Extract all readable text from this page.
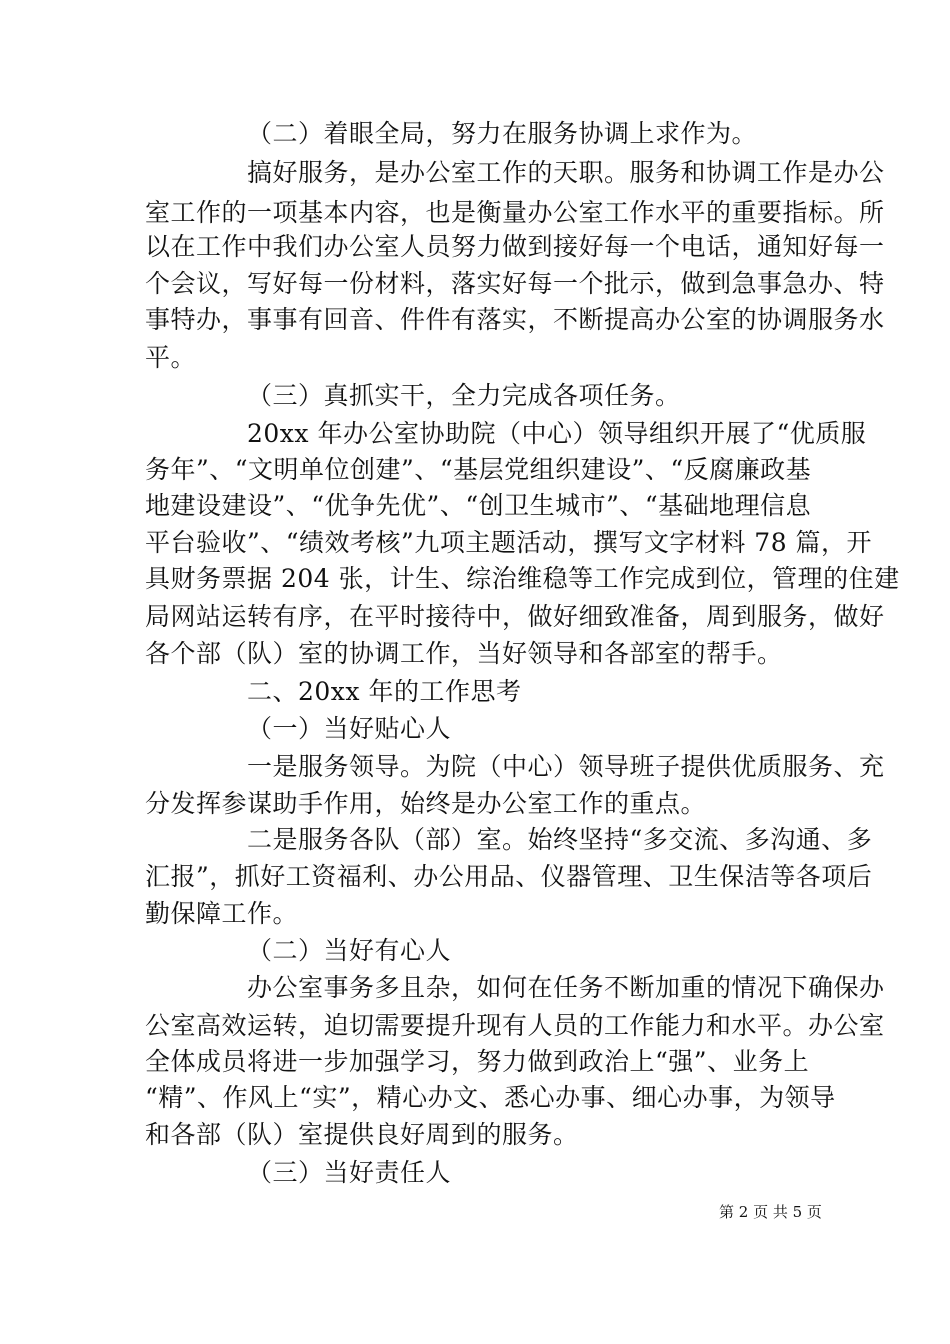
（二）着眼全局，努力在服务协调上求作为。
搞好服务，是办公室工作的天职。服务和协调工作是办公
室工作的一项基本内容，也是衡量办公室工作水平的重要指标。所
以在工作中我们办公室人员努力做到接好每一个电话，通知好每一
个会议，写好每一份材料，落实好每一个批示，做到急事急办、特
事特办，事事有回音、件件有落实，不断提高办公室的协调服务水
平。
（三）真抓实干，全力完成各项任务。
20xx 年办公室协助院（中心）领导组织开展了“优质服
务年”、“文明单位创建”、“基层党组织建设”、“反腐廉政基
地建设建设”、“优争先优”、“创卫生城市”、“基础地理信息
平台验收”、“绩效考核”九项主题活动，撰写文字材料 78 篇，开
具财务票据 204 张，计生、综治维稳等工作完成到位，管理的住建
局网站运转有序，在平时接待中，做好细致准备，周到服务，做好
各个部（队）室的协调工作，当好领导和各部室的帮手。
二、20xx 年的工作思考
（一）当好贴心人
一是服务领导。为院（中心）领导班子提供优质服务、充
分发挥参谋助手作用，始终是办公室工作的重点。
二是服务各队（部）室。始终坚持“多交流、多沟通、多
汇报”，抓好工资福利、办公用品、仪器管理、卫生保洁等各项后
勤保障工作。
（二）当好有心人
办公室事务多且杂，如何在任务不断加重的情况下确保办
公室高效运转，迫切需要提升现有人员的工作能力和水平。办公室
全体成员将进一步加强学习，努力做到政治上“强”、业务上
“精”、作风上“实”，精心办文、悉心办事、细心办事，为领导
和各部（队）室提供良好周到的服务。
（三）当好责任人
第 2 页 共 5 页
